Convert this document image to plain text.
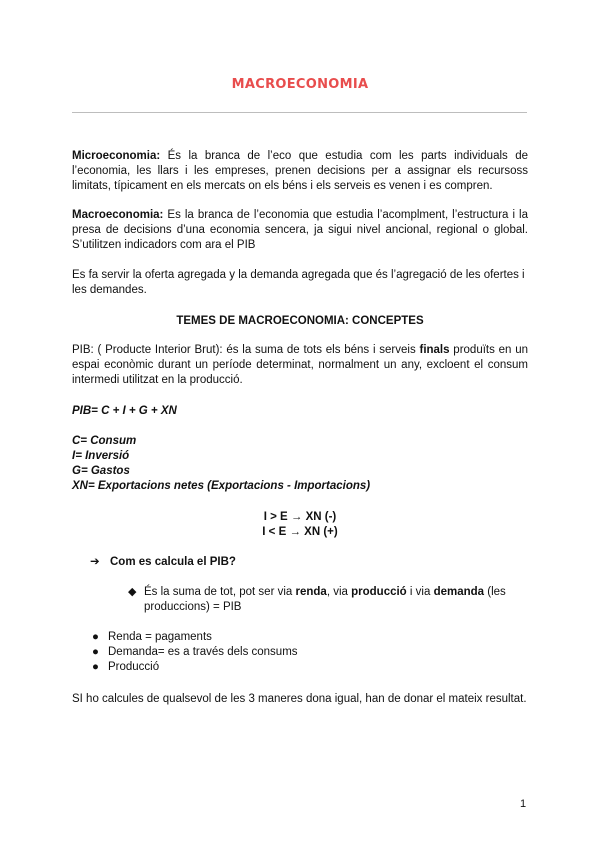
MACROECONOMIA
Microeconomia: És la branca de l’eco que estudia com les parts individuals de l’economia, les llars i les empreses, prenen decisions per a assignar els recursoss limitats, típicament en els mercats on els béns i els serveis es venen i es compren.
Macroeconomia: Es la branca de l’economia que estudia l’acomplment, l’estructura i la presa de decisions d’una economia sencera, ja sigui nivel ancional, regional o global. S’utilitzen indicadors com ara el PIB
Es fa servir la oferta agregada y la demanda agregada que és l’agregació de les ofertes i les demandes.
TEMES DE MACROECONOMIA: CONCEPTES
PIB: ( Producte Interior Brut): és la suma de tots els béns i serveis finals produïts en un espai econòmic durant un període determinat, normalment un any, excloent el consum intermedi utilitzat en la producció.
PIB= C + I + G + XN
C= Consum
I= Inversió
G= Gastos
XN= Exportacions netes (Exportacions - Importacions)
I > E → XN (-)
I < E → XN (+)
➔ Com es calcula el PIB?
◆ És la suma de tot, pot ser via renda, via producció i via demanda (les produccions) = PIB
● Renda = pagaments
● Demanda= es a través dels consums
● Producció
SI ho calcules de qualsevol de les 3 maneres dona igual, han de donar el mateix resultat.
1
